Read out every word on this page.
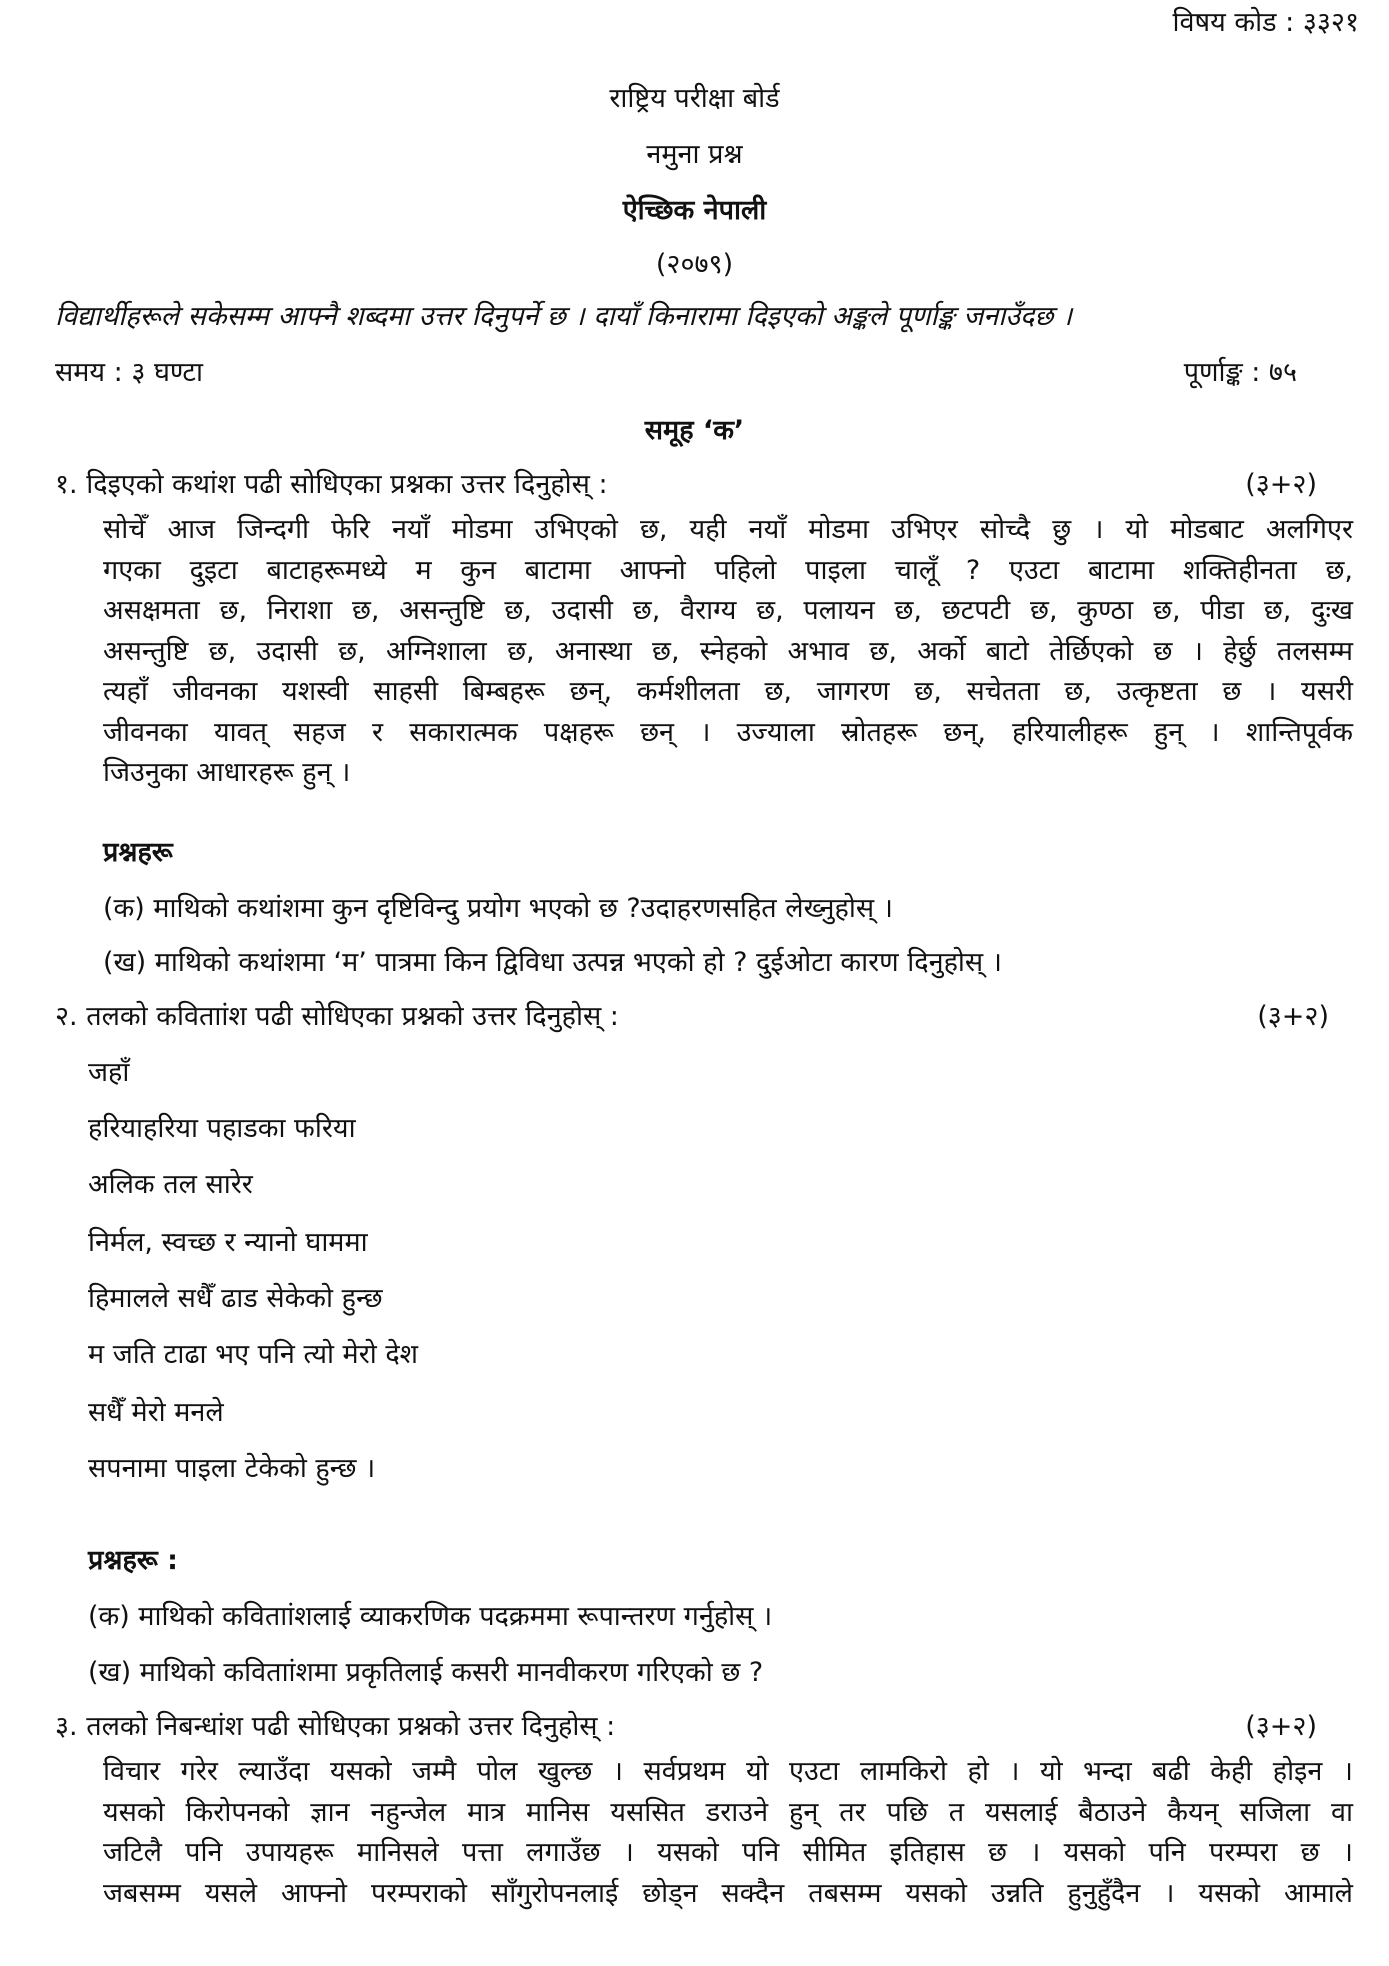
विषय कोड : ३३२१
राष्ट्रिय परीक्षा बोर्ड
नमुना प्रश्न
ऐच्छिक नेपाली
(२०७९)
विद्यार्थीहरूले सकेसम्म आफ्नै शब्दमा उत्तर दिनुपर्ने छ । दायाँ किनारामा दिइएको अङ्कले पूर्णाङ्क जनाउँदछ ।
समय : ३ घण्टा	पूर्णाङ्क : ७५
समूह ‘क’
१. दिइएको कथांश पढी सोधिएका प्रश्नका उत्तर दिनुहोस् :	(३+२)
सोचेँ आज जिन्दगी फेरि नयाँ मोडमा उभिएको छ, यही नयाँ मोडमा उभिएर सोच्दै छु । यो मोडबाट अलगिएर
गएका दुइटा बाटाहरूमध्ये म कुन बाटामा आफ्नो पहिलो पाइला चालूँ ? एउटा बाटामा शक्तिहीनता छ,
असक्षमता छ, निराशा छ, असन्तुष्टि छ, उदासी छ, वैराग्य छ, पलायन छ, छटपटी छ, कुण्ठा छ, पीडा छ, दुःख
असन्तुष्टि छ, उदासी छ, अग्निशाला छ, अनास्था छ, स्नेहको अभाव छ, अर्को बाटो तेर्छिएको छ । हेर्छु तलसम्म
त्यहाँ जीवनका यशस्वी साहसी बिम्बहरू छन्, कर्मशीलता छ, जागरण छ, सचेतता छ, उत्कृष्टता छ । यसरी
जीवनका यावत् सहज र सकारात्मक पक्षहरू छन् । उज्याला स्रोतहरू छन्, हरियालीहरू हुन् । शान्तिपूर्वक
जिउनुका आधारहरू हुन् ।
प्रश्नहरू
(क) माथिको कथांशमा कुन दृष्टिविन्दु प्रयोग भएको छ ?उदाहरणसहित लेख्नुहोस् ।
(ख) माथिको कथांशमा ‘म’ पात्रमा किन द्विविधा उत्पन्न भएको हो ? दुईओटा कारण दिनुहोस् ।
२. तलको कविताांश पढी सोधिएका प्रश्नको उत्तर दिनुहोस् :	(३+२)
जहाँ
हरियाहरिया पहाडका फरिया
अलिक तल सारेर
निर्मल, स्वच्छ र न्यानो घाममा
हिमालले सधैँ ढाड सेकेको हुन्छ
म जति टाढा भए पनि त्यो मेरो देश
सधैँ मेरो मनले
सपनामा पाइला टेकेको हुन्छ ।
प्रश्नहरू :
(क) माथिको कविताांशलाई व्याकरणिक पदक्रममा रूपान्तरण गर्नुहोस् ।
(ख) माथिको कविताांशमा प्रकृतिलाई कसरी मानवीकरण गरिएको छ ?
३. तलको निबन्धांश पढी सोधिएका प्रश्नको उत्तर दिनुहोस् :	(३+२)
विचार गरेर ल्याउँदा यसको जम्मै पोल खुल्छ । सर्वप्रथम यो एउटा लामकिरो हो । यो भन्दा बढी केही होइन ।
यसको किरोपनको ज्ञान नहुन्जेल मात्र मानिस यससित डराउने हुन् तर पछि त यसलाई बैठाउने कैयन् सजिला वा
जटिलै पनि उपायहरू मानिसले पत्ता लगाउँछ । यसको पनि सीमित इतिहास छ । यसको पनि परम्परा छ ।
जबसम्म यसले आफ्नो परम्पराको साँगुरोपनलाई छोड्न सक्दैन तबसम्म यसको उन्नति हुनुहुँदैन । यसको आमाले
